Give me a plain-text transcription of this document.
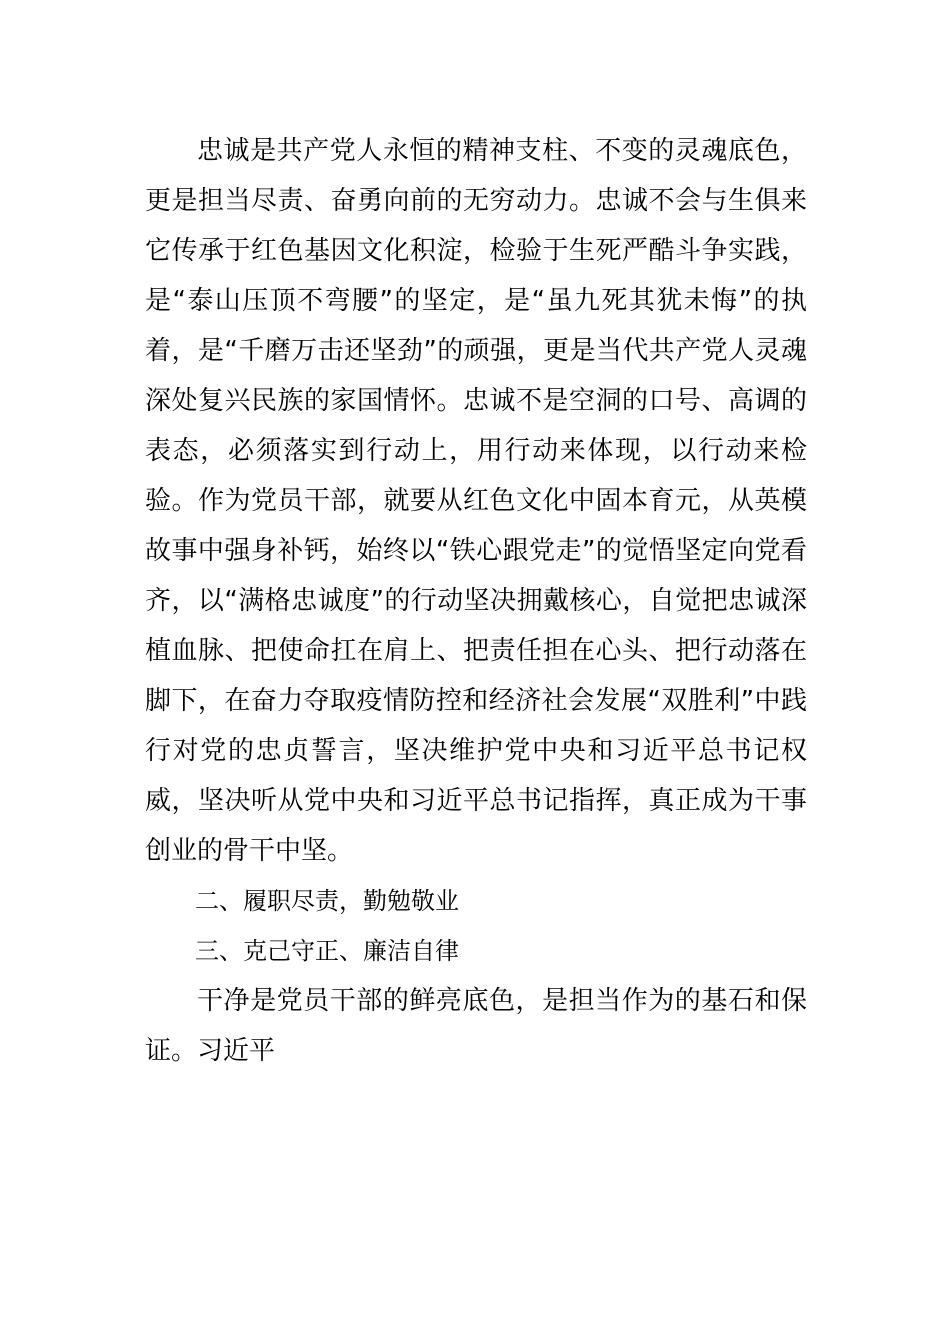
忠诚是共产党人永恒的精神支柱、不变的灵魂底色，更是担当尽责、奋勇向前的无穷动力。忠诚不会与生俱来它传承于红色基因文化积淀，检验于生死严酷斗争实践，是“泰山压顶不弯腰”的坚定，是“虽九死其犹未悔”的执着，是“千磨万击还坚劲”的顽强，更是当代共产党人灵魂深处复兴民族的家国情怀。忠诚不是空洞的口号、高调的表态，必须落实到行动上，用行动来体现，以行动来检验。作为党员干部，就要从红色文化中固本育元，从英模故事中强身补钙，始终以“铁心跟党走”的觉悟坚定向党看齐，以“满格忠诚度”的行动坚决拥戴核心，自觉把忠诚深植血脉、把使命扛在肩上、把责任担在心头、把行动落在脚下，在奋力夺取疫情防控和经济社会发展“双胜利”中践行对党的忠贞誓言，坚决维护党中央和习近平总书记权威，坚决听从党中央和习近平总书记指挥，真正成为干事创业的骨干中坚。

二、履职尽责，勤勉敬业

三、克己守正、廉洁自律

干净是党员干部的鲜亮底色，是担当作为的基石和保证。习近平
